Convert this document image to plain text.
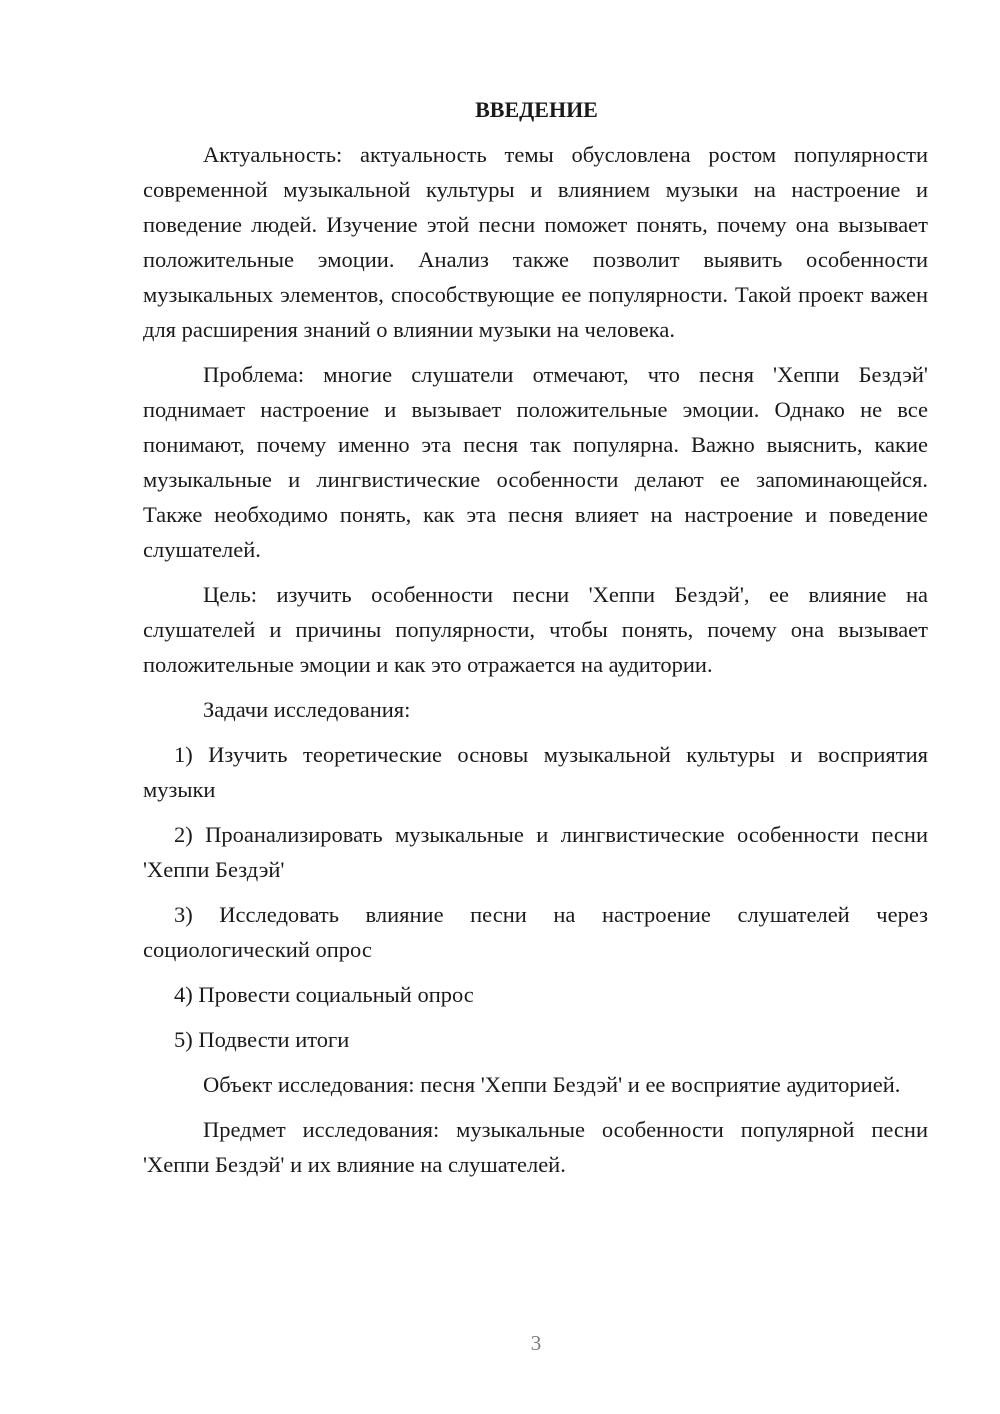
ВВЕДЕНИЕ

Актуальность: актуальность темы обусловлена ростом популярности современной музыкальной культуры и влиянием музыки на настроение и поведение людей. Изучение этой песни поможет понять, почему она вызывает положительные эмоции. Анализ также позволит выявить особенности музыкальных элементов, способствующие ее популярности. Такой проект важен для расширения знаний о влиянии музыки на человека.

Проблема: многие слушатели отмечают, что песня 'Хеппи Бездэй' поднимает настроение и вызывает положительные эмоции. Однако не все понимают, почему именно эта песня так популярна. Важно выяснить, какие музыкальные и лингвистические особенности делают ее запоминающейся. Также необходимо понять, как эта песня влияет на настроение и поведение слушателей.

Цель: изучить особенности песни 'Хеппи Бездэй', ее влияние на слушателей и причины популярности, чтобы понять, почему она вызывает положительные эмоции и как это отражается на аудитории.

Задачи исследования:

1) Изучить теоретические основы музыкальной культуры и восприятия музыки

2) Проанализировать музыкальные и лингвистические особенности песни 'Хеппи Бездэй'

3) Исследовать влияние песни на настроение слушателей через социологический опрос

4) Провести социальный опрос

5) Подвести итоги

Объект исследования: песня 'Хеппи Бездэй' и ее восприятие аудиторией.

Предмет исследования: музыкальные особенности популярной песни 'Хеппи Бездэй' и их влияние на слушателей.

3
